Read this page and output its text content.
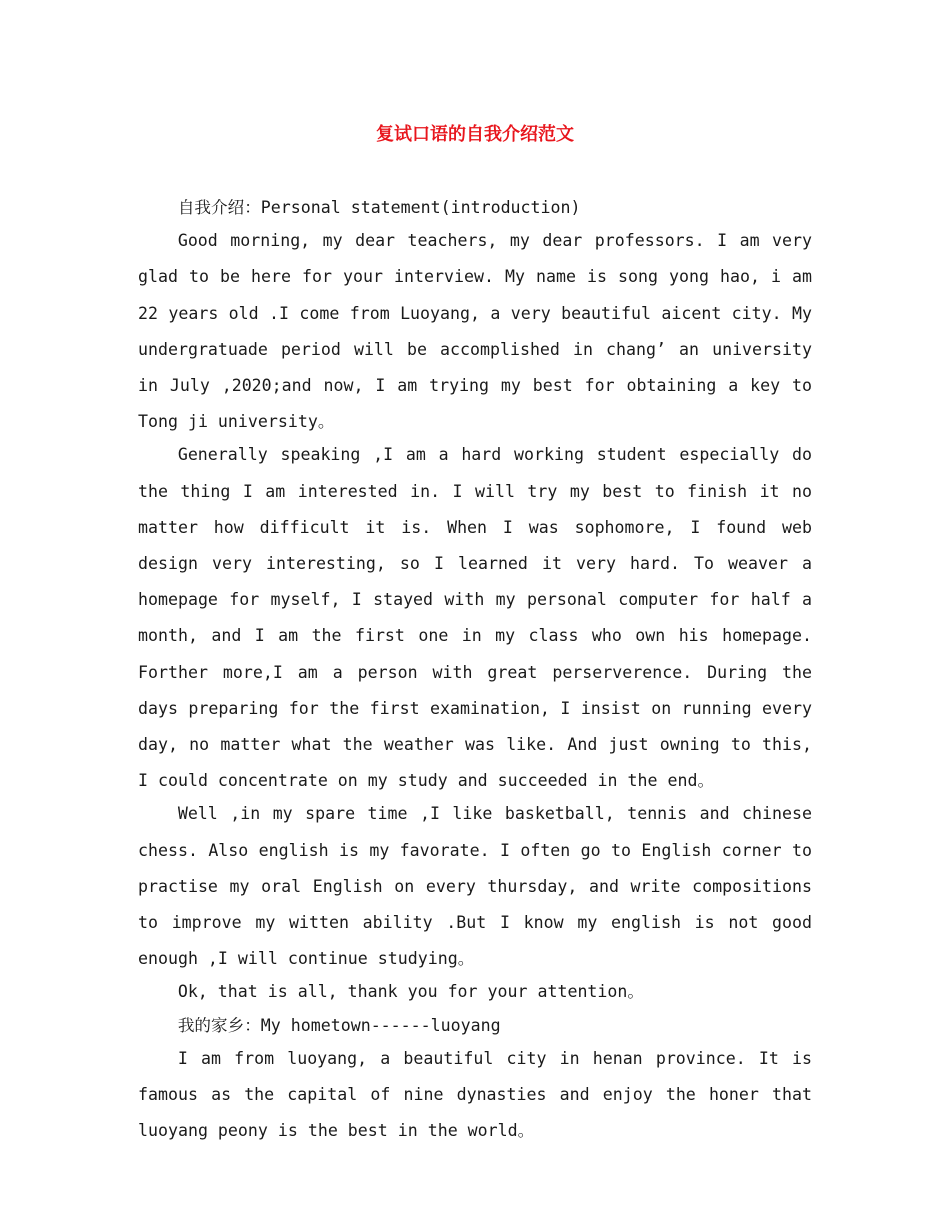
复试口语的自我介绍范文

自我介绍：Personal statement(introduction)

Good morning, my dear teachers, my dear professors. I am very glad to be here for your interview. My name is song yong hao, i am 22 years old .I come from Luoyang, a very beautiful aicent city. My undergratuade period will be accomplished in chang’ an university in July ,2020;and now, I am trying my best for obtaining a key to Tong ji university。

Generally speaking ,I am a hard working student especially do the thing I am interested in. I will try my best to finish it no matter how difficult it is. When I was sophomore, I found web design very interesting, so I learned it very hard. To weaver a homepage for myself, I stayed with my personal computer for half a month, and I am the first one in my class who own his homepage. Forther more,I am a person with great perserverence. During the days preparing for the first examination, I insist on running every day, no matter what the weather was like. And just owning to this, I could concentrate on my study and succeeded in the end。

Well ,in my spare time ,I like basketball, tennis and chinese chess. Also english is my favorate. I often go to English corner to practise my oral English on every thursday, and write compositions to improve my witten ability .But I know my english is not good enough ,I will continue studying。

Ok, that is all, thank you for your attention。

我的家乡：My hometown------luoyang

I am from luoyang, a beautiful city in henan province. It is famous as the capital of nine dynasties and enjoy the honer that luoyang peony is the best in the world。
